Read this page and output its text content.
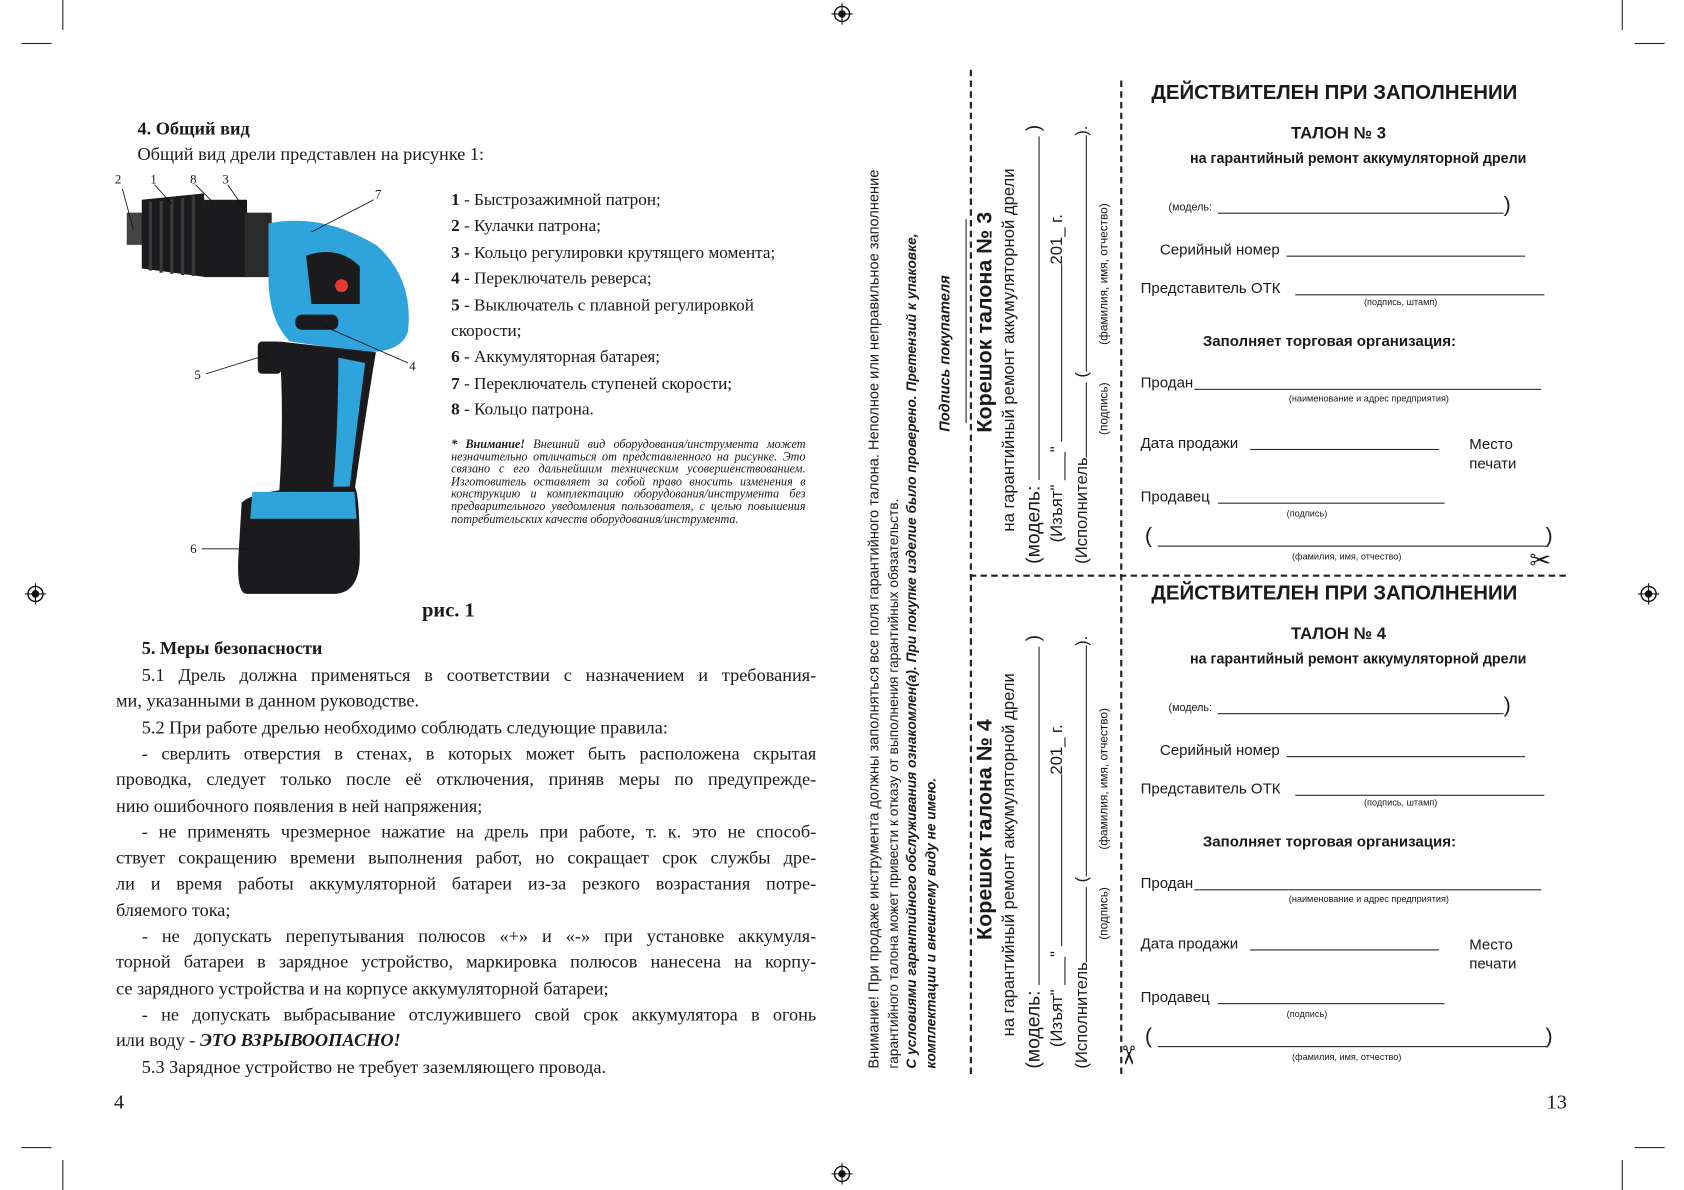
4. Общий вид
Общий вид дрели представлен на рисунке 1:
2 1	8 3
7
4
5
6
1 - Быстрозажимной патрон;
2 - Кулачки патрона;
3 - Кольцо регулировки крутящего момента;
4 - Переключатель реверса;
5 - Выключатель с плавной регулировкой
скорости;
6 - Аккумуляторная батарея;
7 - Переключатель ступеней скорости;
8 - Кольцо патрона.
* Внимание! Внешний вид оборудования/инструмента может незначительно отличаться от представленного на рисунке. Это связано с его дальнейшим техническим усовершенствованием. Изготовитель оставляет за собой право вносить изменения в конструкцию и комплектацию оборудования/инструмента без предварительного уведомления пользователя, с целью повышения потребительских качеств оборудования/инструмента.
рис. 1
5. Меры безопасности
5.1 Дрель должна применяться в соответствии с назначением и требования-
ми, указанными в данном руководстве.
5.2 При работе дрелью необходимо соблюдать следующие правила:
- сверлить отверстия в стенах, в которых может быть расположена скрытая
проводка, следует только после её отключения, приняв меры по предупрежде-
нию ошибочного появления в ней напряжения;
- не применять чрезмерное нажатие на дрель при работе, т. к. это не способ-
ствует сокращению времени выполнения работ, но сокращает срок службы дре-
ли и время работы аккумуляторной батареи из-за резкого возрастания потре-
бляемого тока;
- не допускать перепутывания полюсов «+» и «-» при установке аккумуля-
торной батареи в зарядное устройство, маркировка полюсов нанесена на корпу-
се зарядного устройства и на корпусе аккумуляторной батареи;
- не допускать выбрасывание отслужившего свой срок аккумулятора в огонь
или воду - ЭТО ВЗРЫВООПАСНО!
5.3 Зарядное устройство не требует заземляющего провода.
4
Внимание! При продаже инструмента должны заполняться все поля гарантийного талона. Неполное или неправильное заполнение гарантийного талона может привести к отказу от выполнения гарантийных обязательств. С условиями гарантийного обслуживания ознакомлен(а). При покупке изделие было проверено. Претензий к упаковке, комплектации и внешнему виду не имею.
Подпись покупателя	Корешок талона № 3 на гарантийный ремонт аккумуляторной дрели (модель:  )
(Изъят" ___" 201_ г.
(Исполнитель ().
(подпись)(фамилия, имя, отчество)
Корешок талона № 4 на гарантийный ремонт аккумуляторной дрели (модель:  )
(Изъят" ___" 201_ г.
(Исполнитель ().
(подпись)(фамилия, имя, отчество)
ДЕЙСТВИТЕЛЕН ПРИ ЗАПОЛНЕНИИ
ТАЛОН № 3
на гарантийный ремонт аккумуляторной дрели
(модель:	)
Серийный номер
Представитель ОТК
(подпись, штамп)
Заполняет торговая организация:
Продан
(наименование и адрес предприятия)
Дата продажи	Место
печати
Продавец
(подпись)
(	)
(фамилия, имя, отчество)
ДЕЙСТВИТЕЛЕН ПРИ ЗАПОЛНЕНИИ
ТАЛОН № 4
на гарантийный ремонт аккумуляторной дрели
(модель:	)
Серийный номер
Представитель ОТК
(подпись, штамп)
Заполняет торговая организация:
Продан
(наименование и адрес предприятия)
Дата продажи	Место
печати
Продавец
(подпись)
(	)
(фамилия, имя, отчество)
✂
✂
13
